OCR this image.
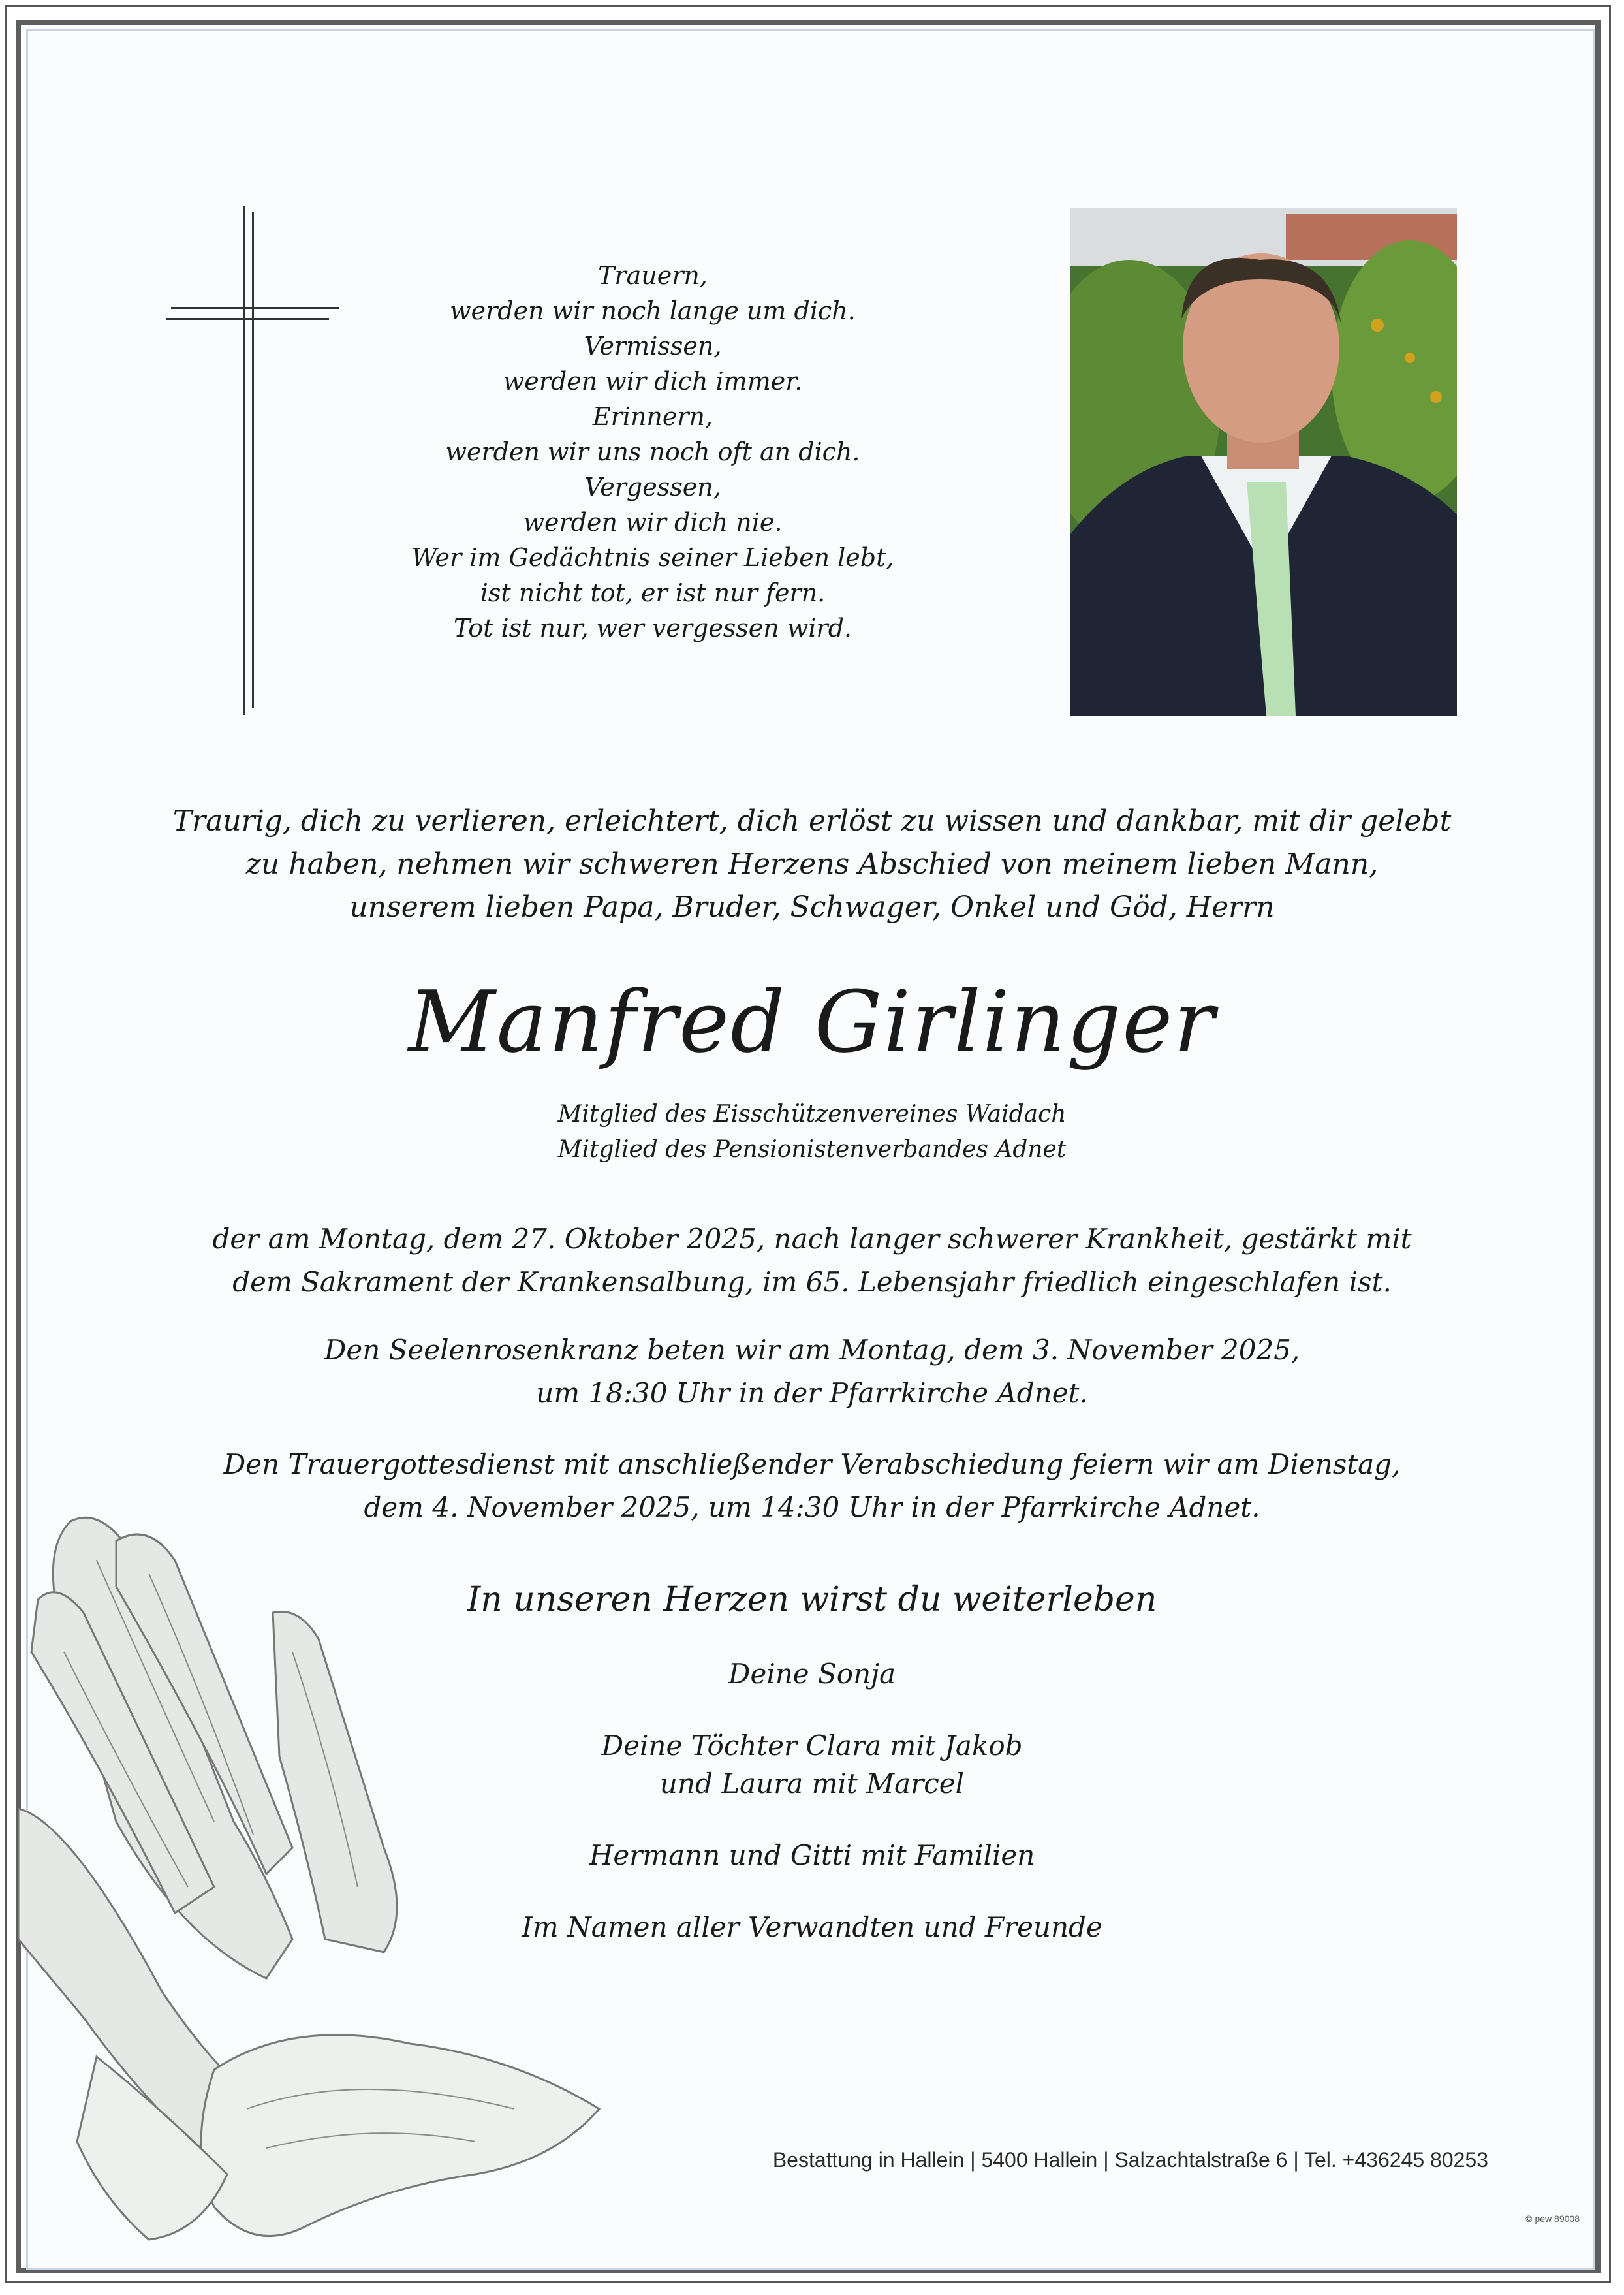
Trauern,
werden wir noch lange um dich.
Vermissen,
werden wir dich immer.
Erinnern,
werden wir uns noch oft an dich.
Vergessen,
werden wir dich nie.
Wer im Gedächtnis seiner Lieben lebt,
ist nicht tot, er ist nur fern.
Tot ist nur, wer vergessen wird.
Traurig, dich zu verlieren, erleichtert, dich erlöst zu wissen und dankbar, mit dir gelebt
zu haben, nehmen wir schweren Herzens Abschied von meinem lieben Mann,
unserem lieben Papa, Bruder, Schwager, Onkel und Göd, Herrn
Manfred Girlinger
Mitglied des Eisschützenvereines Waidach
Mitglied des Pensionistenverbandes Adnet
der am Montag, dem 27. Oktober 2025, nach langer schwerer Krankheit, gestärkt mit
dem Sakrament der Krankensalbung, im 65. Lebensjahr friedlich eingeschlafen ist.
Den Seelenrosenkranz beten wir am Montag, dem 3. November 2025,
um 18:30 Uhr in der Pfarrkirche Adnet.
Den Trauergottesdienst mit anschließender Verabschiedung feiern wir am Dienstag,
dem 4. November 2025, um 14:30 Uhr in der Pfarrkirche Adnet.
In unseren Herzen wirst du weiterleben
Deine Sonja
Deine Töchter Clara mit Jakob
und Laura mit Marcel
Hermann und Gitti mit Familien
Im Namen aller Verwandten und Freunde
Bestattung in Hallein | 5400 Hallein | Salzachtalstraße 6 | Tel. +436245 80253
© pew 89008
